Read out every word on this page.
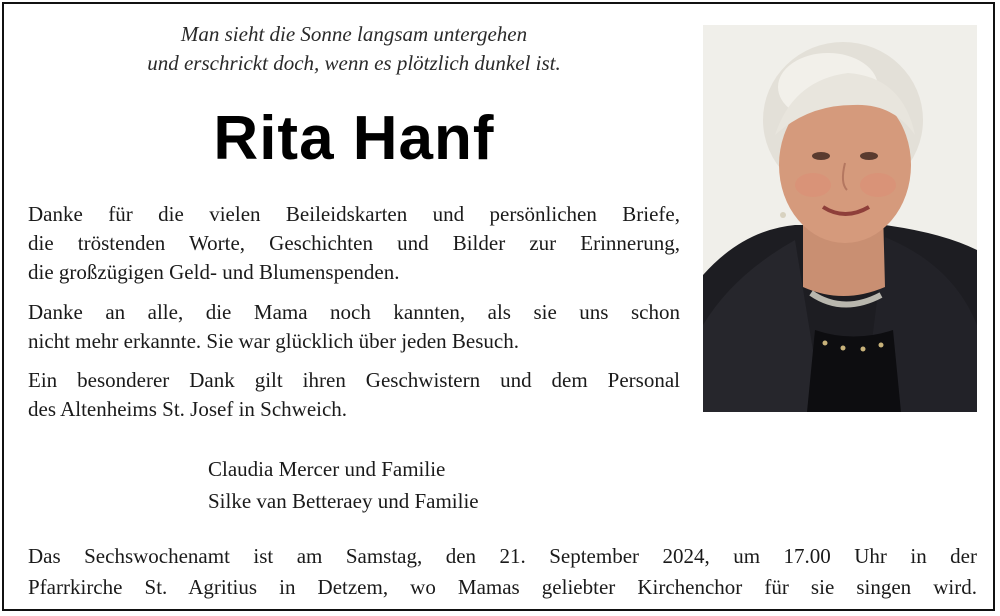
Man sieht die Sonne langsam untergehen
und erschrickt doch, wenn es plötzlich dunkel ist.
Rita Hanf
Danke für die vielen Beileidskarten und persönlichen Briefe,
die tröstenden Worte, Geschichten und Bilder zur Erinnerung,
die großzügigen Geld- und Blumenspenden.
Danke an alle, die Mama noch kannten, als sie uns schon
nicht mehr erkannte. Sie war glücklich über jeden Besuch.
Ein besonderer Dank gilt ihren Geschwistern und dem Personal
des Altenheims St. Josef in Schweich.
Claudia Mercer und Familie
Silke van Betteraey und Familie
Das Sechswochenamt ist am Samstag, den 21. September 2024, um 17.00 Uhr in der
Pfarrkirche St. Agritius in Detzem, wo Mamas geliebter Kirchenchor für sie singen wird.
